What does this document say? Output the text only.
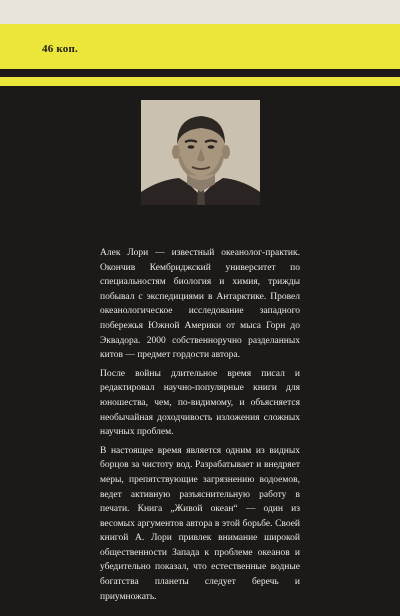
46 коп.

Алек Лори — известный океанолог-практик. Окончив Кембриджский университет по специальностям биология и химия, трижды побывал с экспедициями в Антарктике. Провел океанологическое исследование западного побережья Южной Америки от мыса Горн до Эквадора. 2000 собственноручно разделанных китов — предмет гордости автора.

После войны длительное время писал и редактировал научно-популярные книги для юношества, чем, по-видимому, и объясняется необычайная доходчивость изложения сложных научных проблем.

В настоящее время является одним из видных борцов за чистоту вод. Разрабатывает и внедряет меры, препятствующие загрязнению водоемов, ведет активную разъяснительную работу в печати. Книга „Живой океан“ — один из весомых аргументов автора в этой борьбе. Своей книгой А. Лори привлек внимание широкой общественности Запада к проблеме океанов и убедительно показал, что естественные водные богатства планеты следует беречь и приумножать.
